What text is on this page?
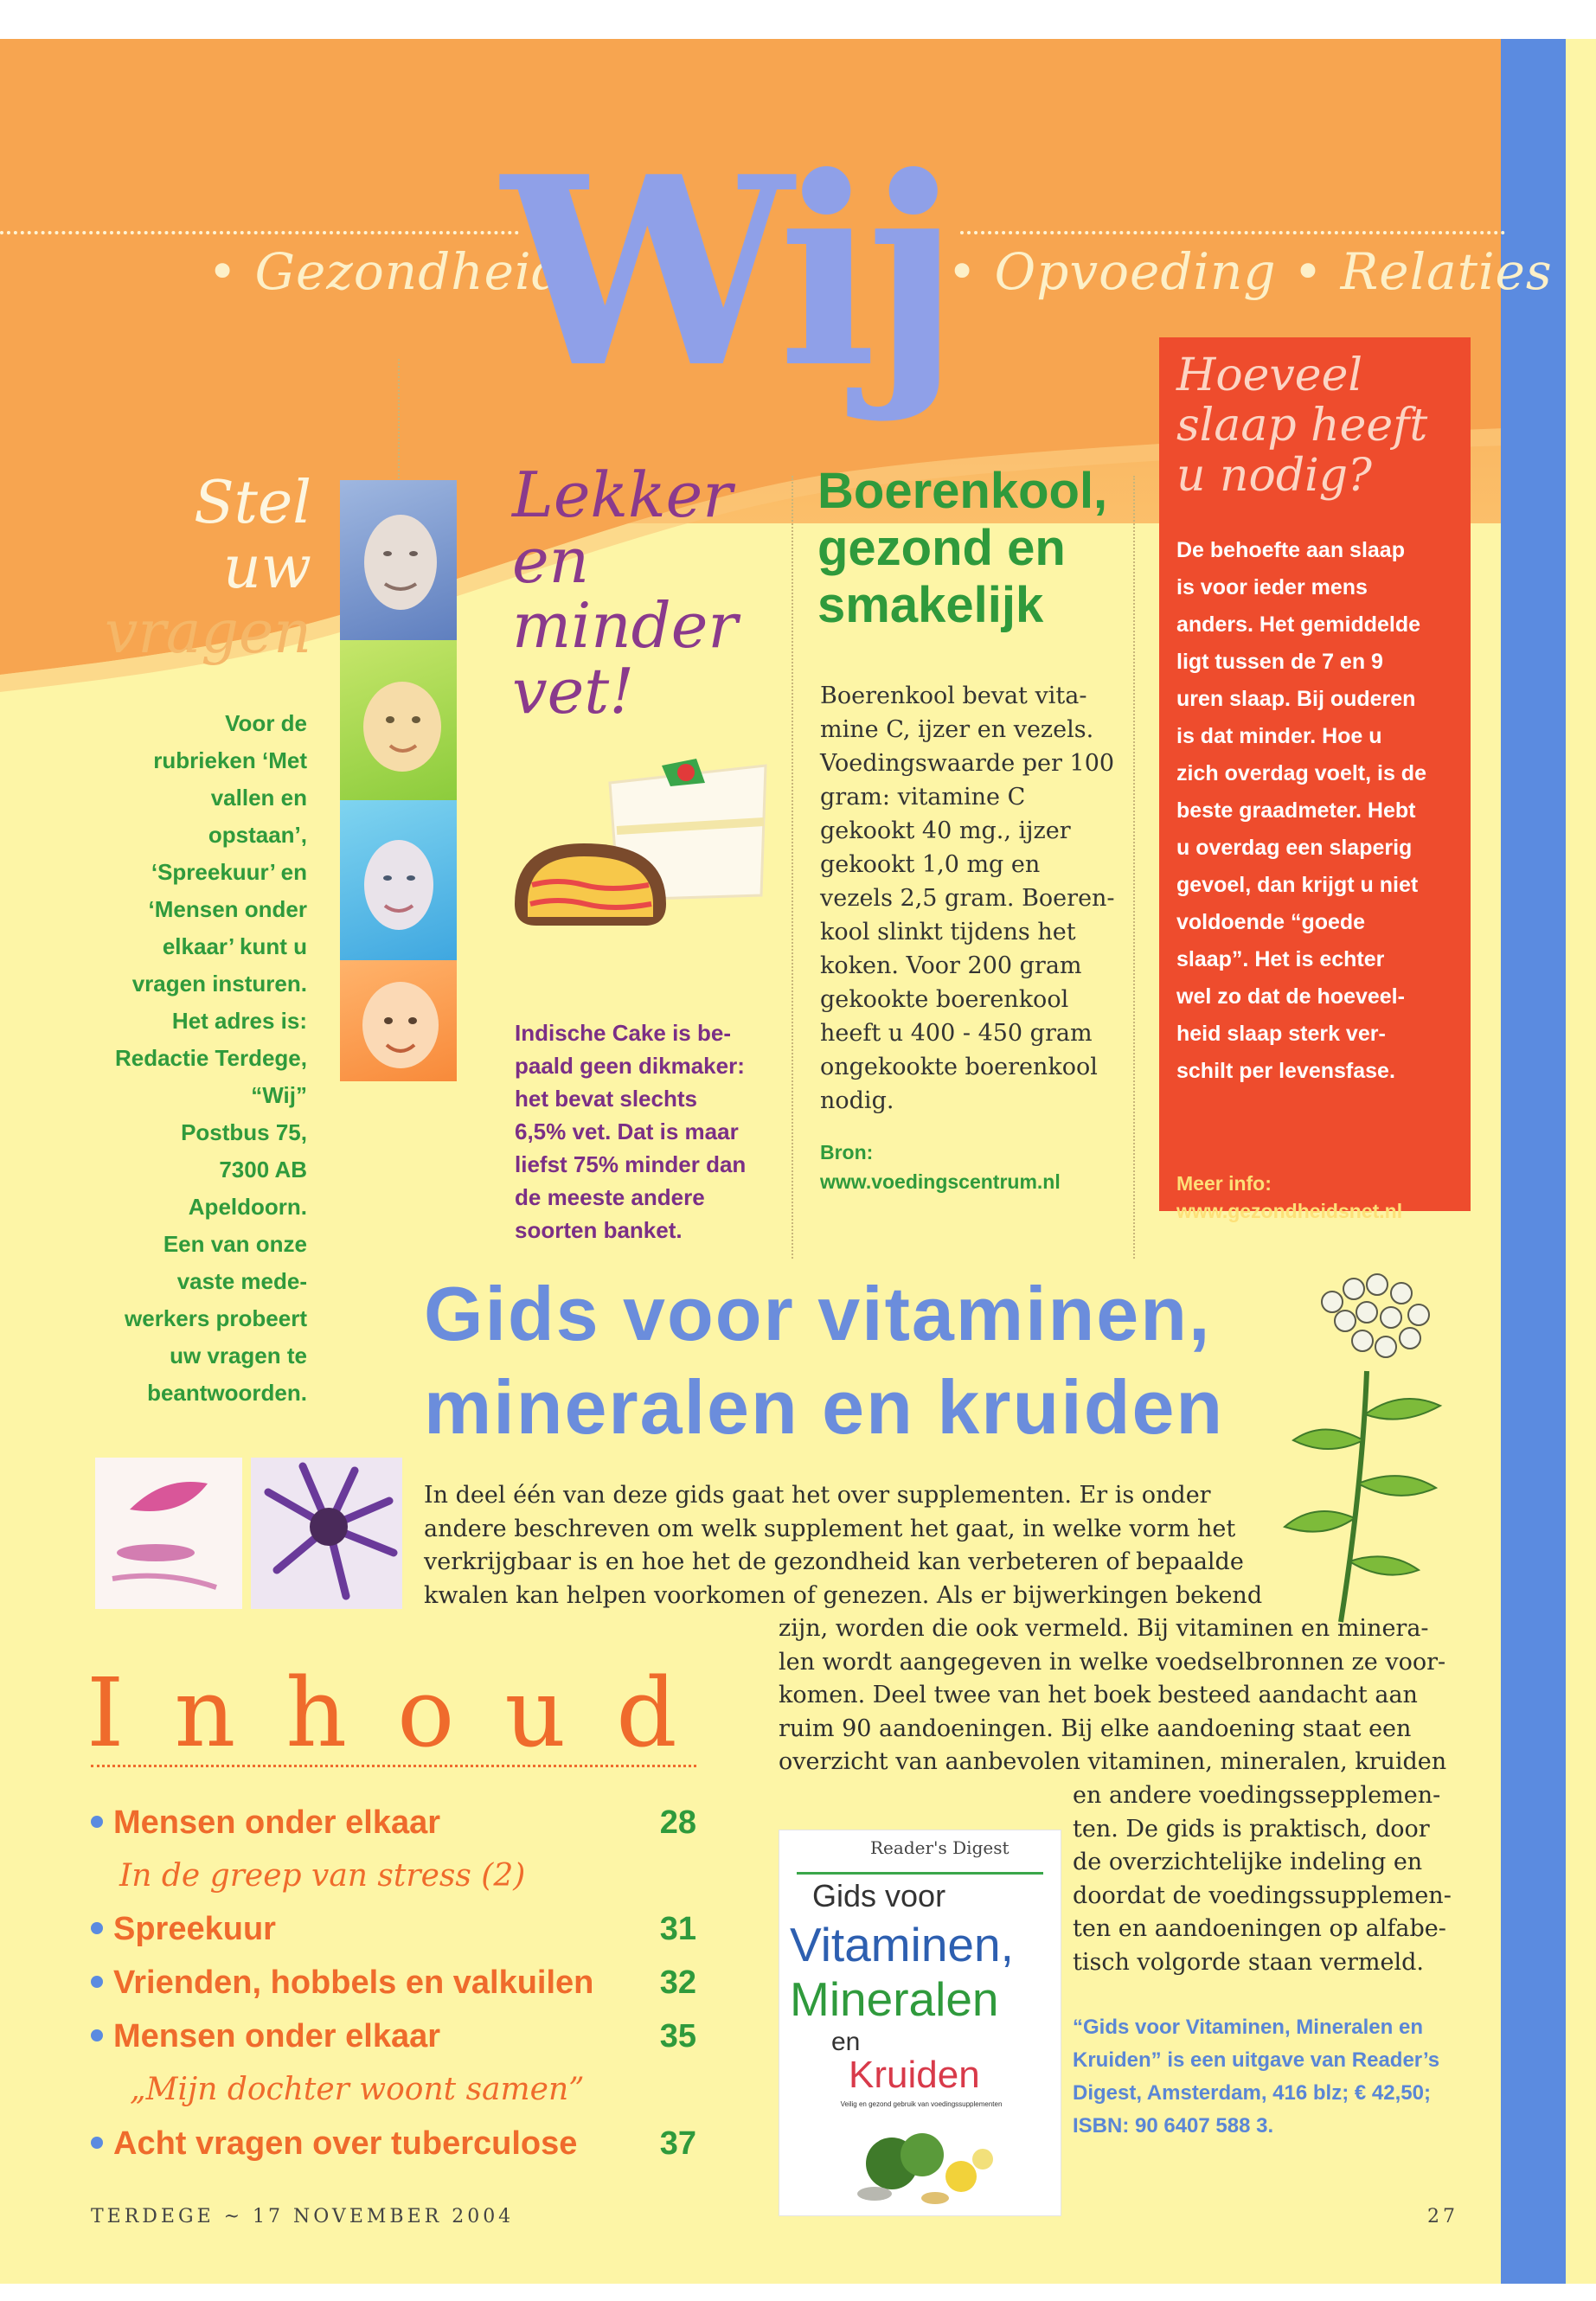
• Gezondheid
Wij
• Opvoeding • Relaties
Stel
uw
vragen
Voor de
rubrieken ‘Met
vallen en
opstaan’,
‘Spreekuur’ en
‘Mensen onder
elkaar’ kunt u
vragen insturen.
Het adres is:
Redactie Terdege,
“Wij”
Postbus 75,
7300 AB
Apeldoorn.
Een van onze
vaste mede-
werkers probeert
uw vragen te
beantwoorden.
Lekker
en
minder
vet!
Indische Cake is be-
paald geen dikmaker:
het bevat slechts
6,5% vet. Dat is maar
liefst 75% minder dan
de meeste andere
soorten banket.
Boerenkool,
gezond en
smakelijk
Boerenkool bevat vita-
mine C, ijzer en vezels.
Voedingswaarde per 100
gram: vitamine C
gekookt 40 mg., ijzer
gekookt 1,0 mg en
vezels 2,5 gram. Boeren-
kool slinkt tijdens het
koken. Voor 200 gram
gekookte boerenkool
heeft u 400 - 450 gram
ongekookte boerenkool
nodig.
Bron:
www.voedingscentrum.nl
Hoeveel
slaap heeft
u nodig?
De behoefte aan slaap
is voor ieder mens
anders. Het gemiddelde
ligt tussen de 7 en 9
uren slaap. Bij ouderen
is dat minder. Hoe u
zich overdag voelt, is de
beste graadmeter. Hebt
u overdag een slaperig
gevoel, dan krijgt u niet
voldoende “goede
slaap”. Het is echter
wel zo dat de hoeveel-
heid slaap sterk ver-
schilt per levensfase.
Meer info:
www.gezondheidsnet.nl
Gids voor vitaminen,
mineralen en kruiden
In deel één van deze gids gaat het over supplementen. Er is onder
andere beschreven om welk supplement het gaat, in welke vorm het
verkrijgbaar is en hoe het de gezondheid kan verbeteren of bepaalde
kwalen kan helpen voorkomen of genezen. Als er bijwerkingen bekend
zijn, worden die ook vermeld. Bij vitaminen en minera-
len wordt aangegeven in welke voedselbronnen ze voor-
komen. Deel twee van het boek besteed aandacht aan
ruim 90 aandoeningen. Bij elke aandoening staat een
overzicht van aanbevolen vitaminen, mineralen, kruiden
en andere voedingssepplemen-
ten. De gids is praktisch, door
de overzichtelijke indeling en
doordat de voedingssupplemen-
ten en aandoeningen op alfabe-
tisch volgorde staan vermeld.
“Gids voor Vitaminen, Mineralen en
Kruiden” is een uitgave van Reader’s
Digest, Amsterdam, 416 blz; € 42,50;
ISBN: 90 6407 588 3.
Reader's Digest
Gids voor
Vitaminen,
Mineralen
en
Kruiden
Veilig en gezond gebruik van voedingssupplementen
Inhoud
Mensen onder elkaar	28
In de greep van stress (2)
Spreekuur	31
Vrienden, hobbels en valkuilen 32
Mensen onder elkaar	35
„Mijn dochter woont samen”
Acht vragen over tuberculose	37
TERDEGE ~ 17 NOVEMBER 2004	27
